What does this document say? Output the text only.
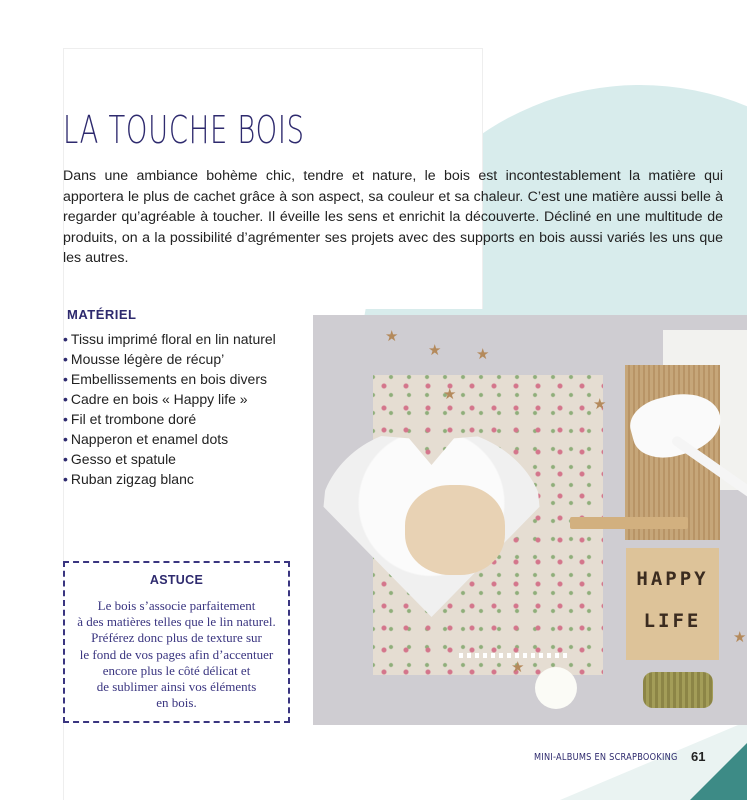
LA TOUCHE BOIS
Dans une ambiance bohème chic, tendre et nature, le bois est incontestablement la matière qui apportera le plus de cachet grâce à son aspect, sa couleur et sa chaleur. C’est une matière aussi belle à regarder qu’agréable à toucher. Il éveille les sens et enrichit la découverte. Décliné en une multitude de produits, on a la possibilité d’agrémenter ses projets avec des supports en bois aussi variés les uns que les autres.
MATÉRIEL
• Tissu imprimé floral en lin naturel
• Mousse légère de récup’
• Embellissements en bois divers
• Cadre en bois « Happy life »
• Fil et trombone doré
• Napperon et enamel dots
• Gesso et spatule
• Ruban zigzag blanc
ASTUCE
Le bois s’associe parfaitement
à des matières telles que le lin naturel.
Préférez donc plus de texture sur
le fond de vos pages afin d’accentuer
encore plus le côté délicat et
de sublimer ainsi vos éléments
en bois.
HAPPY
LIFE
★
★ ★
★
★
★
★
MINI-ALBUMS EN SCRAPBOOKING 61
